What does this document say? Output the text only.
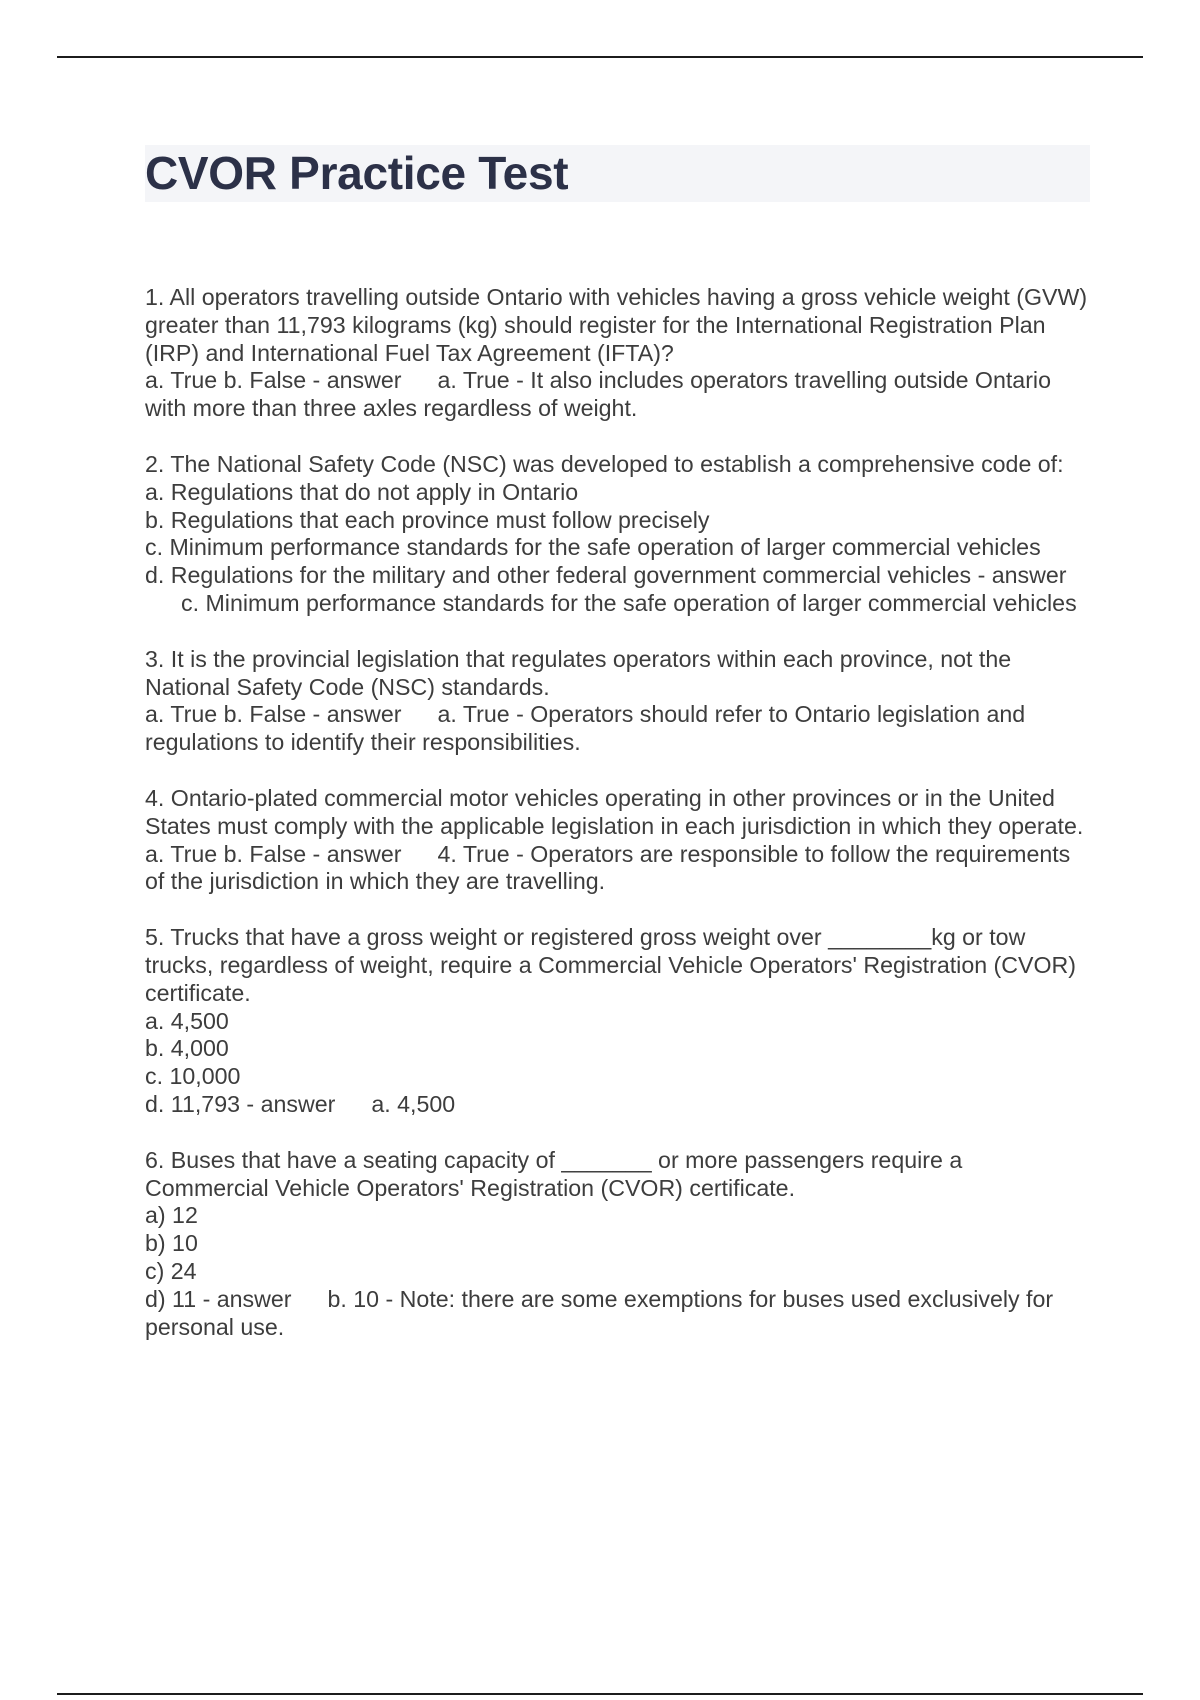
CVOR Practice Test
1. All operators travelling outside Ontario with vehicles having a gross vehicle weight (GVW) greater than 11,793 kilograms (kg) should register for the International Registration Plan (IRP) and International Fuel Tax Agreement (IFTA)?
a. True b. False - answer a. True - It also includes operators travelling outside Ontario with more than three axles regardless of weight.
2. The National Safety Code (NSC) was developed to establish a comprehensive code of:
a. Regulations that do not apply in Ontario
b. Regulations that each province must follow precisely
c. Minimum performance standards for the safe operation of larger commercial vehicles
d. Regulations for the military and other federal government commercial vehicles - answerc. Minimum performance standards for the safe operation of larger commercial vehicles
3. It is the provincial legislation that regulates operators within each province, not the National Safety Code (NSC) standards.
a. True b. False - answer a. True - Operators should refer to Ontario legislation and regulations to identify their responsibilities.
4. Ontario-plated commercial motor vehicles operating in other provinces or in the United States must comply with the applicable legislation in each jurisdiction in which they operate.
a. True b. False - answer 4. True - Operators are responsible to follow the requirements of the jurisdiction in which they are travelling.
5. Trucks that have a gross weight or registered gross weight over ________kg or tow trucks, regardless of weight, require a Commercial Vehicle Operators' Registration (CVOR) certificate.
a. 4,500
b. 4,000
c. 10,000
d. 11,793 - answer a. 4,500
6. Buses that have a seating capacity of _______ or more passengers require a Commercial Vehicle Operators' Registration (CVOR) certificate.
a) 12
b) 10
c) 24
d) 11 - answer b. 10 - Note: there are some exemptions for buses used exclusively for personal use.
